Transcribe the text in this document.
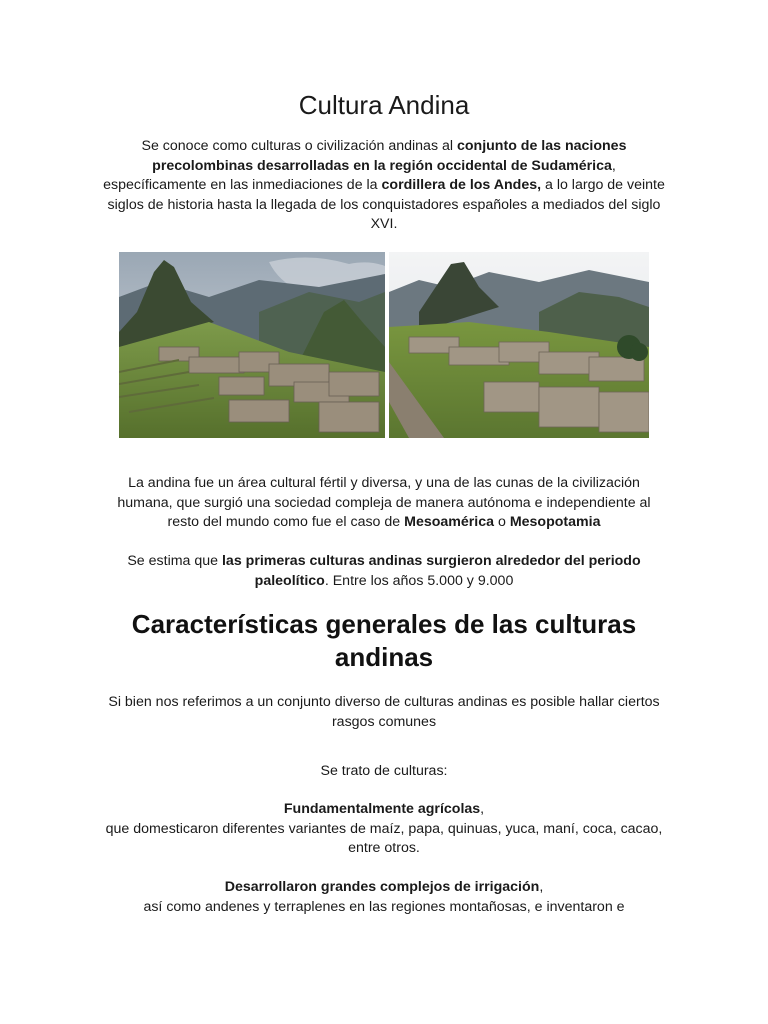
Cultura Andina

Se conoce como culturas o civilización andinas al conjunto de las naciones precolombinas desarrolladas en la región occidental de Sudamérica, específicamente en las inmediaciones de la cordillera de los Andes, a lo largo de veinte siglos de historia hasta la llegada de los conquistadores españoles a mediados del siglo XVI.

La andina fue un área cultural fértil y diversa, y una de las cunas de la civilización humana, que surgió una sociedad compleja de manera autónoma e independiente al resto del mundo como fue el caso de Mesoamérica o Mesopotamia

Se estima que las primeras culturas andinas surgieron alrededor del periodo paleolítico. Entre los años 5.000 y 9.000

Características generales de las culturas andinas

Si bien nos referimos a un conjunto diverso de culturas andinas es posible hallar ciertos rasgos comunes

Se trato de culturas:

Fundamentalmente agrícolas,
que domesticaron diferentes variantes de maíz, papa, quinuas, yuca, maní, coca, cacao, entre otros.

Desarrollaron grandes complejos de irrigación,
así como andenes y terraplenes en las regiones montañosas, e inventaron e
